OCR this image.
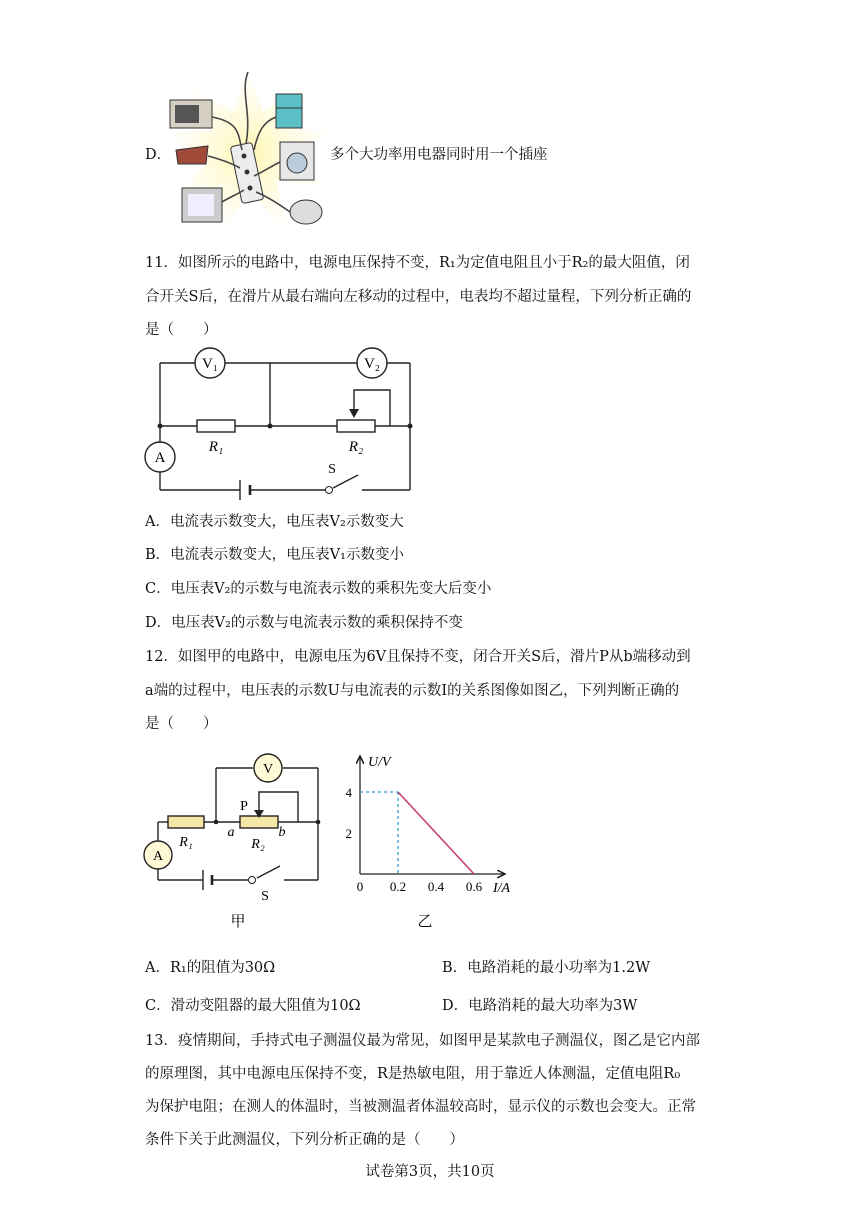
D．	多个大功率用电器同时用一个插座
11．如图所示的电路中，电源电压保持不变，R₁为定值电阻且小于R₂的最大阻值，闭
合开关S后，在滑片从最右端向左移动的过程中，电表均不超过量程，下列分析正确的
是（　　）
V₁	V₂
A
R₁	R₂
S
A．电流表示数变大，电压表V₂示数变大
B．电流表示数变大，电压表V₁示数变小
C．电压表V₂的示数与电流表示数的乘积先变大后变小
D．电压表V₂的示数与电流表示数的乘积保持不变
12．如图甲的电路中，电源电压为6V且保持不变，闭合开关S后，滑片P从b端移动到
a端的过程中，电压表的示数U与电流表的示数I的关系图像如图乙，下列判断正确的
是（　　）
V
A
P
a	b
R₁	R₂
S
甲
U/V
I/A
0 0.2 0.4 0.6
2
4
乙
A．R₁的阻值为30Ω	B．电路消耗的最小功率为1.2W
C．滑动变阻器的最大阻值为10Ω	D．电路消耗的最大功率为3W
13．疫情期间，手持式电子测温仪最为常见，如图甲是某款电子测温仪，图乙是它内部
的原理图，其中电源电压保持不变，R是热敏电阻，用于靠近人体测温，定值电阻R₀
为保护电阻；在测人的体温时，当被测温者体温较高时，显示仪的示数也会变大。正常
条件下关于此测温仪，下列分析正确的是（　　）
试卷第3页，共10页
